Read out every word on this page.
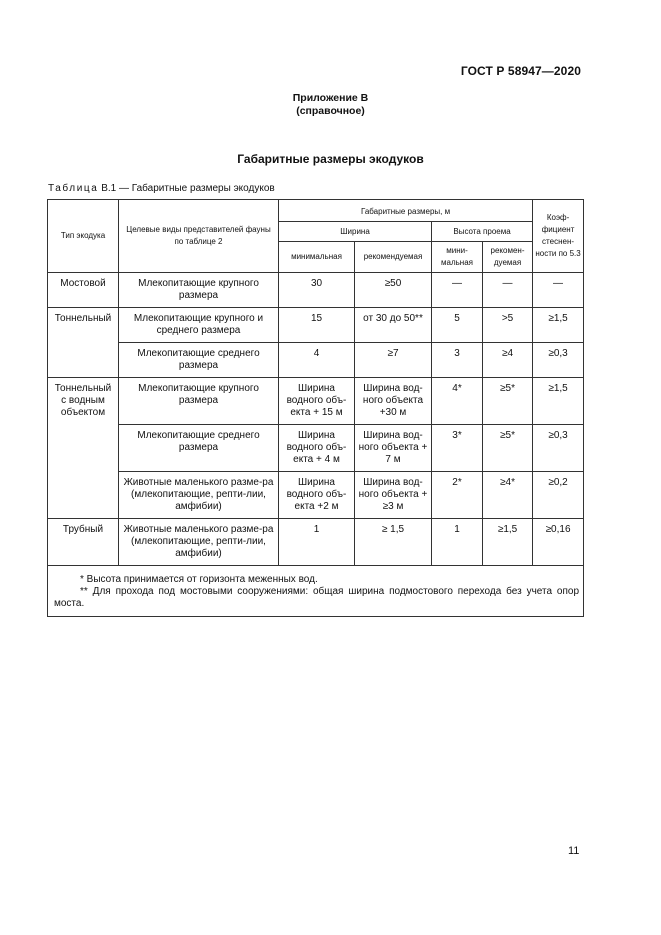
ГОСТ Р 58947—2020
Приложение В
(справочное)
Габаритные размеры экодуков
Таблица В.1 — Габаритные размеры экодуков
Тип экодука	Целевые виды представителей фауны по таблице 2	Габаритные размеры, м				Коэф-фициент стеснен-ности по 5.3
		Ширина		Высота проема		
		минимальная	рекомендуемая	мини-мальная	рекомен-дуемая	
Мостовой	Млекопитающие крупного размера	30	≥50	—	—	—
Тоннельный	Млекопитающие крупного и среднего размера	15	от 30 до 50**	5	>5	≥1,5
	Млекопитающие среднего размера	4	≥7	3	≥4	≥0,3
Тоннельный с водным объектом	Млекопитающие крупного размера	Ширина водного объ-екта + 15 м	Ширина вод-ного объекта +30 м	4*	≥5*	≥1,5
	Млекопитающие среднего размера	Ширина водного объ-екта + 4 м	Ширина вод-ного объекта + 7 м	3*	≥5*	≥0,3
	Животные маленького разме-ра (млекопитающие, репти-лии, амфибии)	Ширина водного объ-екта +2 м	Ширина вод-ного объекта + ≥3 м	2*	≥4*	≥0,2
Трубный	Животные маленького разме-ра (млекопитающие, репти-лии, амфибии)	1	≥ 1,5	1	≥1,5	≥0,16

* Высота принимается от горизонта меженных вод.
** Для прохода под мостовыми сооружениями: общая ширина подмостового перехода без учета опор моста.						
11
